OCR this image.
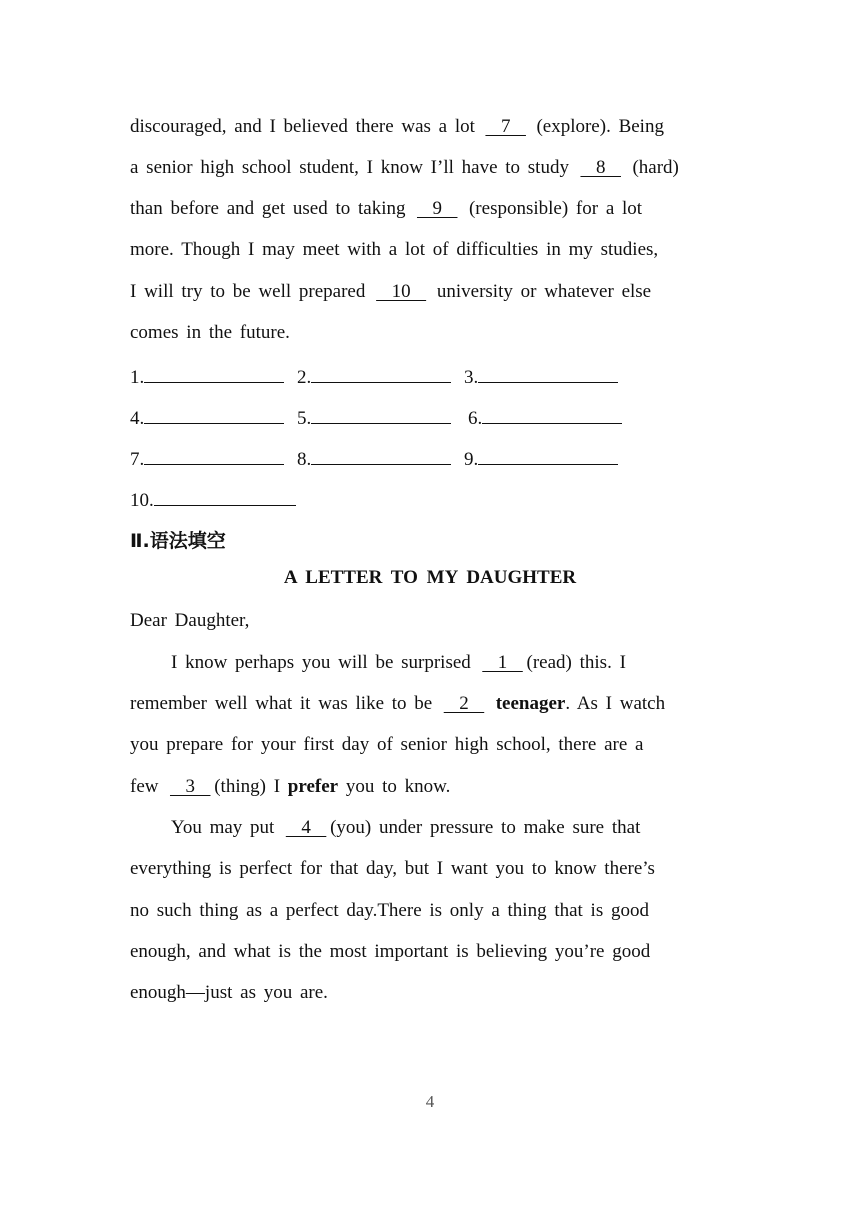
discouraged, and I believed there was a lot   7   (explore). Being
a senior high school student, I know I’ll have to study   8   (hard)
than before and get used to taking   9   (responsible) for a lot
more. Though I may meet with a lot of difficulties in my studies,
I will try to be well prepared   10   university or whatever else
comes in the future.
1.	2.	3.
4.	5.	6.
7.	8.	9.
10.
Ⅱ.语法填空
A LETTER TO MY DAUGHTER
Dear Daughter,
I know perhaps you will be surprised   1  (read) this. I
remember well what it was like to be   2   teenager. As I watch
you prepare for your first day of senior high school, there are a
few   3  (thing) I prefer you to know.
You may put   4  (you) under pressure to make sure that
everything is perfect for that day, but I want you to know there’s
no such thing as a perfect day.There is only a thing that is good
enough, and what is the most important is believing you’re good
enough—just as you are.
4
